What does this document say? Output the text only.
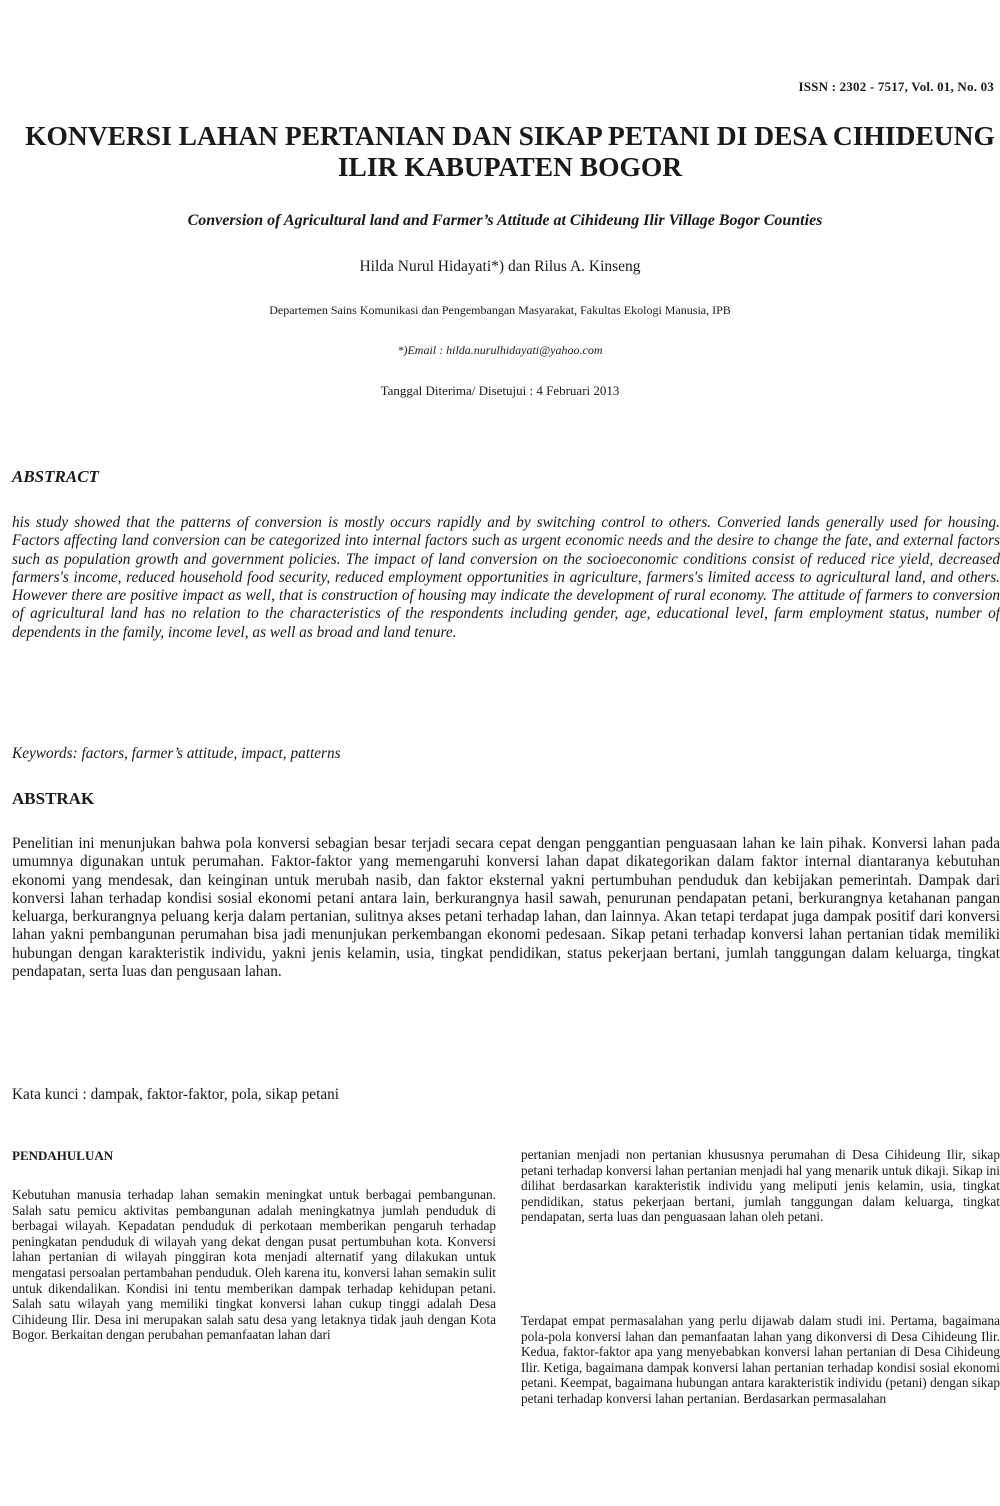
ISSN : 2302 - 7517, Vol. 01, No. 03
KONVERSI LAHAN PERTANIAN DAN SIKAP PETANI DI DESA CIHIDEUNG ILIR KABUPATEN BOGOR
Conversion of Agricultural land and Farmer’s Attitude at Cihideung Ilir Village Bogor Counties
Hilda Nurul Hidayati*) dan Rilus A. Kinseng
Departemen Sains Komunikasi dan Pengembangan Masyarakat, Fakultas Ekologi Manusia, IPB
*)Email : hilda.nurulhidayati@yahoo.com
Tanggal Diterima/ Disetujui : 4 Februari 2013
ABSTRACT

his study showed that the patterns of conversion is mostly occurs rapidly and by switching control to others. Converied lands generally used for housing. Factors affecting land conversion can be categorized into internal factors such as urgent economic needs and the desire to change the fate, and external factors such as population growth and government policies. The impact of land conversion on the socioeconomic conditions consist of reduced rice yield, decreased farmers's income, reduced household food security, reduced employment opportunities in agriculture, farmers's limited access to agricultural land, and others. However there are positive impact as well, that is construction of housing may indicate the development of rural economy. The attitude of farmers to conversion of agricultural land has no relation to the characteristics of the respondents including gender, age, educational level, farm employment status, number of dependents in the family, income level, as well as broad and land tenure.

Keywords: factors, farmer’s attitude, impact, patterns
ABSTRAK

Penelitian ini menunjukan bahwa pola konversi sebagian besar terjadi secara cepat dengan penggantian penguasaan lahan ke lain pihak. Konversi lahan pada umumnya digunakan untuk perumahan. Faktor-faktor yang memengaruhi konversi lahan dapat dikategorikan dalam faktor internal diantaranya kebutuhan ekonomi yang mendesak, dan keinginan untuk merubah nasib, dan faktor eksternal yakni pertumbuhan penduduk dan kebijakan pemerintah. Dampak dari konversi lahan terhadap kondisi sosial ekonomi petani antara lain, berkurangnya hasil sawah, penurunan pendapatan petani, berkurangnya ketahanan pangan keluarga, berkurangnya peluang kerja dalam pertanian, sulitnya akses petani terhadap lahan, dan lainnya. Akan tetapi terdapat juga dampak positif dari konversi lahan yakni pembangunan perumahan bisa jadi menunjukan perkembangan ekonomi pedesaan. Sikap petani terhadap konversi lahan pertanian tidak memiliki hubungan dengan karakteristik individu, yakni jenis kelamin, usia, tingkat pendidikan, status pekerjaan bertani, jumlah tanggungan dalam keluarga, tingkat pendapatan, serta luas dan pengusaan lahan.

Kata kunci : dampak, faktor-faktor, pola, sikap petani
PENDAHULUAN

Kebutuhan manusia terhadap lahan semakin meningkat untuk berbagai pembangunan. Salah satu pemicu aktivitas pembangunan adalah meningkatnya jumlah penduduk di berbagai wilayah. Kepadatan penduduk di perkotaan memberikan pengaruh terhadap peningkatan penduduk di wilayah yang dekat dengan pusat pertumbuhan kota. Konversi lahan pertanian di wilayah pinggiran kota menjadi alternatif yang dilakukan untuk mengatasi persoalan pertambahan penduduk. Oleh karena itu, konversi lahan semakin sulit untuk dikendalikan. Kondisi ini tentu memberikan dampak terhadap kehidupan petani. Salah satu wilayah yang memiliki tingkat konversi lahan cukup tinggi adalah Desa Cihideung Ilir. Desa ini merupakan salah satu desa yang letaknya tidak jauh dengan Kota Bogor. Berkaitan dengan perubahan pemanfaatan lahan dari

pertanian menjadi non pertanian khususnya perumahan di Desa Cihideung Ilir, sikap petani terhadap konversi lahan pertanian menjadi hal yang menarik untuk dikaji. Sikap ini dilihat berdasarkan karakteristik individu yang meliputi jenis kelamin, usia, tingkat pendidikan, status pekerjaan bertani, jumlah tanggungan dalam keluarga, tingkat pendapatan, serta luas dan penguasaan lahan oleh petani.

Terdapat empat permasalahan yang perlu dijawab dalam studi ini. Pertama, bagaimana pola-pola konversi lahan dan pemanfaatan lahan yang dikonversi di Desa Cihideung Ilir. Kedua, faktor-faktor apa yang menyebabkan konversi lahan pertanian di Desa Cihideung Ilir. Ketiga, bagaimana dampak konversi lahan pertanian terhadap kondisi sosial ekonomi petani. Keempat, bagaimana hubungan antara karakteristik individu (petani) dengan sikap petani terhadap konversi lahan pertanian. Berdasarkan permasalahan
